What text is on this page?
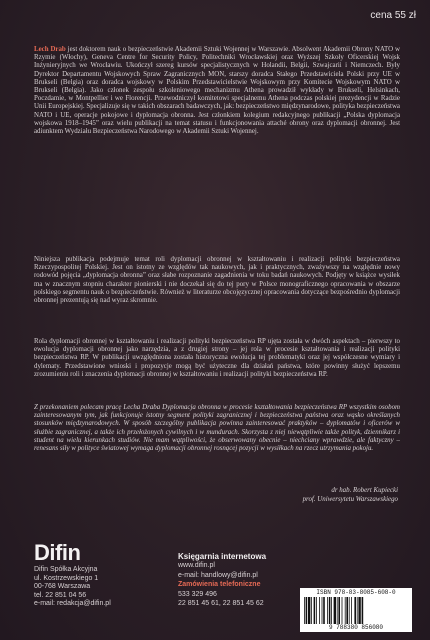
cena 55 zł

Lech Drab jest doktorem nauk o bezpieczeństwie Akademii Sztuki Wojennej w Warszawie. Absolwent Akademii Obrony NATO w Rzymie (Włochy), Geneva Centre for Security Policy, Politechniki Wrocławskiej oraz Wyższej Szkoły Oficerskiej Wojsk Inżynieryjnych we Wrocławiu. Ukończył szereg kursów specjalistycznych w Holandii, Belgii, Szwajcarii i Niemczech. Były Dyrektor Departamentu Wojskowych Spraw Zagranicznych MON, starszy doradca Stałego Przedstawiciela Polski przy UE w Brukseli (Belgia) oraz doradca wojskowy w Polskim Przedstawicielstwie Wojskowym przy Komitecie Wojskowym NATO w Brukseli (Belgia). Jako członek zespołu szkoleniowego mechanizmu Athena prowadził wykłady w Brukseli, Helsinkach, Poczdamie, w Montpellier i we Florencji. Przewodniczył komitetowi specjalnemu Athena podczas polskiej prezydencji w Radzie Unii Europejskiej. Specjalizuje się w takich obszarach badawczych, jak: bezpieczeństwo międzynarodowe, polityka bezpieczeństwa NATO i UE, operacje pokojowe i dyplomacja obronna. Jest członkiem kolegium redakcyjnego publikacji „Polska dyplomacja wojskowa 1918–1945” oraz wielu publikacji na temat statusu i funkcjonowania attaché obrony oraz dyplomacji obronnej. Jest adiunktem Wydziału Bezpieczeństwa Narodowego w Akademii Sztuki Wojennej.

Niniejsza publikacja podejmuje temat roli dyplomacji obronnej w kształtowaniu i realizacji polityki bezpieczeństwa Rzeczypospolitej Polskiej. Jest on istotny ze względów tak naukowych, jak i praktycznych, zważywszy na względnie nowy rodowód pojęcia „dyplomacja obronna” oraz słabe rozpoznanie zagadnienia w toku badań naukowych. Podjęty w książce wysiłek ma w znacznym stopniu charakter pionierski i nie doczekał się do tej pory w Polsce monograficznego opracowania w obszarze polskiego segmentu nauk o bezpieczeństwie. Również w literaturze obcojęzycznej opracowania dotyczące bezpośrednio dyplomacji obronnej prezentują się nad wyraz skromnie.

Rola dyplomacji obronnej w kształtowaniu i realizacji polityki bezpieczeństwa RP ujęta została w dwóch aspektach – pierwszy to ewolucja dyplomacji obronnej jako narzędzia, a z drugiej strony – jej rola w procesie kształtowania i realizacji polityki bezpieczeństwa RP. W publikacji uwzględniona została historyczna ewolucja tej problematyki oraz jej współczesne wymiary i dylematy. Przedstawione wnioski i propozycje mogą być użyteczne dla działań państwa, które powinny służyć lepszemu zrozumieniu roli i znaczenia dyplomacji obronnej w kształtowaniu i realizacji polityki bezpieczeństwa RP.

Z przekonaniem polecam pracę Lecha Draba Dyplomacja obronna w procesie kształtowania bezpieczeństwa RP wszystkim osobom zainteresowanym tym, jak funkcjonuje istotny segment polityki zagranicznej i bezpieczeństwa państwa oraz wąsko określanych stosunków międzynarodowych. W sposób szczególny publikacja powinna zainteresować praktyków – dyplomatów i oficerów w służbie zagranicznej, a także ich przełożonych cywilnych i w mundurach. Skorzysta z niej niewątpliwie także polityk, dziennikarz i student na wielu kierunkach studiów. Nie mam wątpliwości, że obserwowany obecnie – niechciany wprawdzie, ale faktyczny – renesans siły w polityce światowej wymaga dyplomacji obronnej rosnącej pozycji w wysiłkach na rzecz utrzymania pokoju.

dr hab. Robert Kupiecki
prof. Uniwersytetu Warszawskiego
Difin
Difin Spółka Akcyjna
ul. Kostrzewskiego 1
00-768 Warszawa
tel. 22 851 04 56
e-mail: redakcja@difin.pl
Księgarnia internetowa
www.difin.pl
e-mail: handlowy@difin.pl
Zamówienia telefoniczne
533 329 496
22 851 45 61, 22 851 45 62
ISBN 978-83-8085-608-0
9 788380 856080
